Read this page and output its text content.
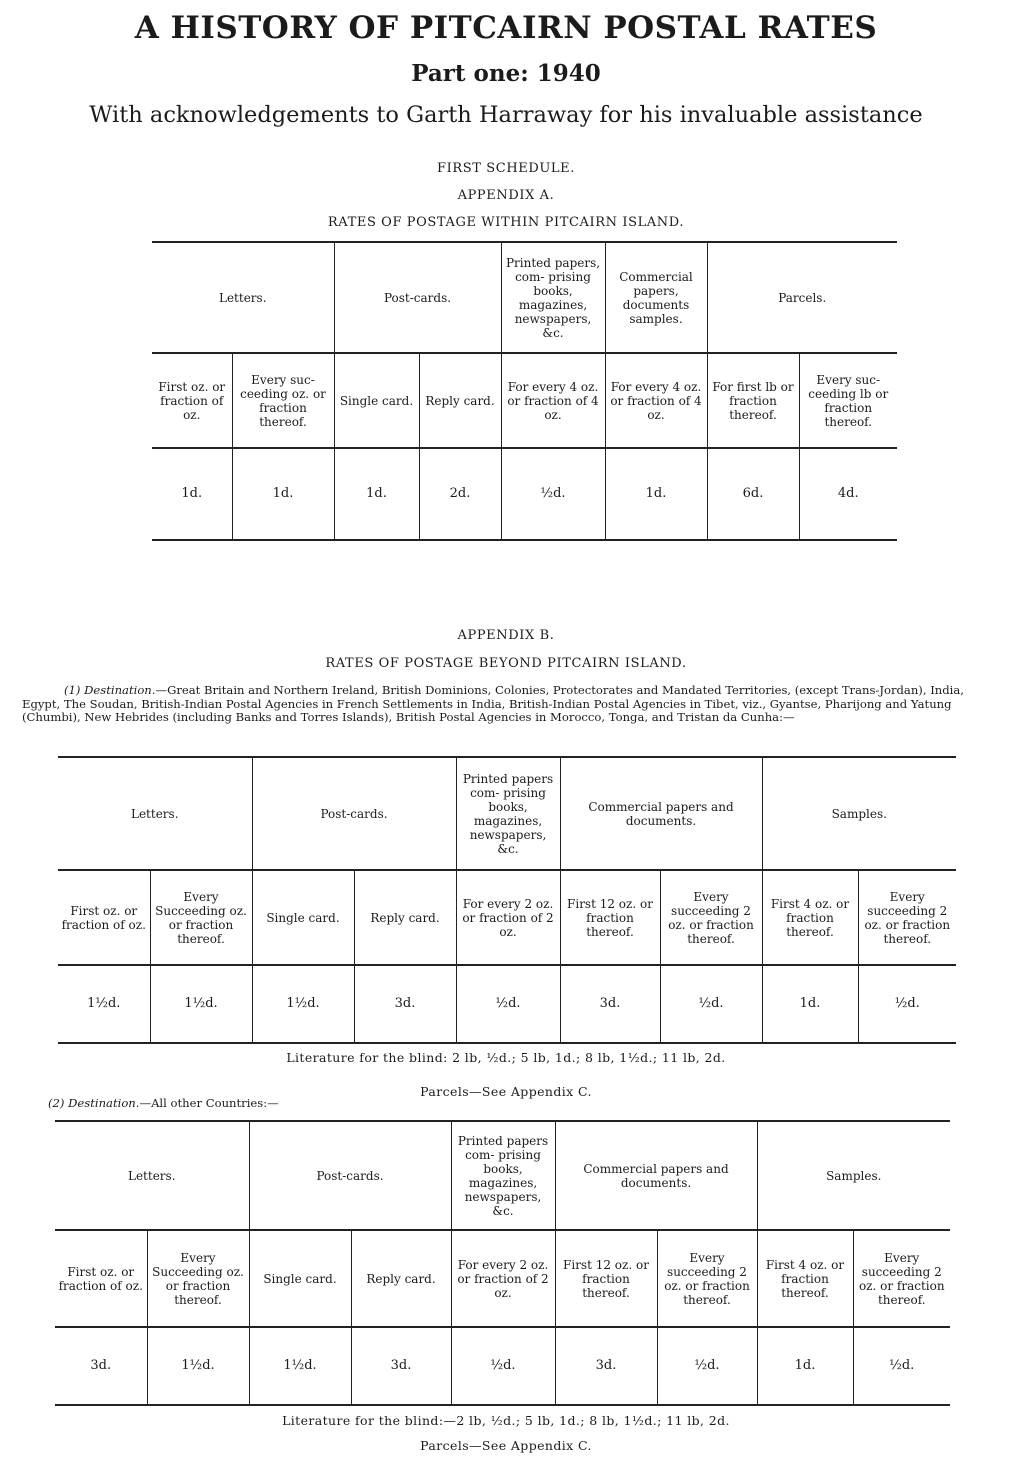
A HISTORY OF PITCAIRN POSTAL RATES
Part one: 1940
With acknowledgements to Garth Harraway for his invaluable assistance
FIRST SCHEDULE.
APPENDIX A.
RATES OF POSTAGE WITHIN PITCAIRN ISLAND.
Letters.		Post-cards.		Printed papers, com- prising books, magazines, newspapers, &c.	Commercial papers, documents samples.	Parcels.	
First oz. or fraction of oz.	Every suc- ceeding oz. or fraction thereof.	Single card.	Reply card.	For every 4 oz. or fraction of 4 oz.	For every 4 oz. or fraction of 4 oz.	For first lb or fraction thereof.	Every suc- ceeding lb or fraction thereof.
1d.	1d.	1d.	2d.	½d.	1d.	6d.	4d.
APPENDIX B.
RATES OF POSTAGE BEYOND PITCAIRN ISLAND.
(1) Destination.—Great Britain and Northern Ireland, British Dominions, Colonies, Protectorates and Mandated Territories, (except Trans-Jordan), India, Egypt, The Soudan, British-Indian Postal Agencies in French Settlements in India, British-Indian Postal Agencies in Tibet, viz., Gyantse, Pharijong and Yatung (Chumbi), New Hebrides (including Banks and Torres Islands), British Postal Agencies in Morocco, Tonga, and Tristan da Cunha:—
Letters.		Post-cards.		Printed papers com- prising books, magazines, newspapers, &c.	Commercial papers and documents.		Samples.	
First oz. or fraction of oz.	Every Succeeding oz. or fraction thereof.	Single card.	Reply card.	For every 2 oz. or fraction of 2 oz.	First 12 oz. or fraction thereof.	Every succeeding 2 oz. or fraction thereof.	First 4 oz. or fraction thereof.	Every succeeding 2 oz. or fraction thereof.
1½d.	1½d.	1½d.	3d.	½d.	3d.	½d.	1d.	½d.
Literature for the blind: 2 lb, ½d.; 5 lb, 1d.; 8 lb, 1½d.; 11 lb, 2d.
Parcels—See Appendix C.
(2) Destination.—All other Countries:—
Letters.		Post-cards.		Printed papers com- prising books, magazines, newspapers, &c.	Commercial papers and documents.		Samples.	
First oz. or fraction of oz.	Every Succeeding oz. or fraction thereof.	Single card.	Reply card.	For every 2 oz. or fraction of 2 oz.	First 12 oz. or fraction thereof.	Every succeeding 2 oz. or fraction thereof.	First 4 oz. or fraction thereof.	Every succeeding 2 oz. or fraction thereof.
3d.	1½d.	1½d.	3d.	½d.	3d.	½d.	1d.	½d.
Literature for the blind:—2 lb, ½d.; 5 lb, 1d.; 8 lb, 1½d.; 11 lb, 2d.
Parcels—See Appendix C.
